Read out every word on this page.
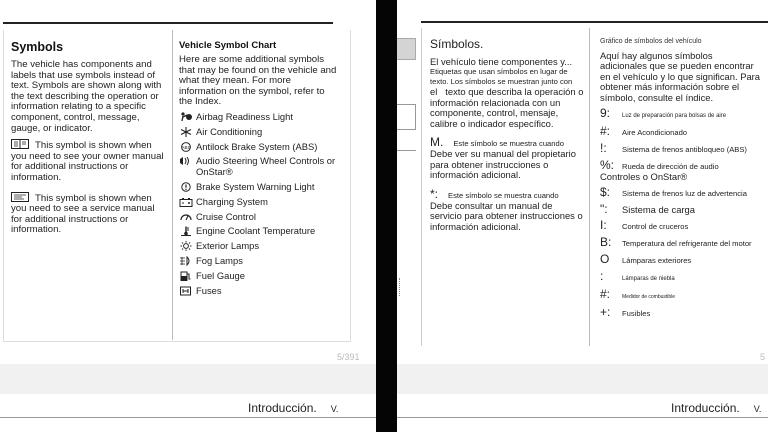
Symbols
The vehicle has components and labels that use symbols instead of text. Symbols are shown along with the text describing the operation or information relating to a specific component, control, message, gauge, or indicator.
This symbol is shown when you need to see your owner manual for additional instructions or information.
This symbol is shown when you need to see a service manual for additional instructions or information.
Vehicle Symbol Chart
Here are some additional symbols that may be found on the vehicle and what they mean. For more information on the symbol, refer to the Index.
Airbag Readiness Light
Air Conditioning
ABS Antilock Brake System (ABS)
Audio Steering Wheel Controls or OnStar®
Brake System Warning Light
Charging System
Cruise Control
Engine Coolant Temperature
Exterior Lamps
Fog Lamps
Fuel Gauge
Fuses
5/391
Introducción. V.
Símbolos.
El vehículo tiene componentes y...
Etiquetas que usan símbolos en lugar de texto. Los símbolos se muestran junto con
el texto que describa la operación o información relacionada con un componente, control, mensaje, calibre o indicador específico.
M. Este símbolo se muestra cuando
Debe ver su manual del propietario para obtener instrucciones o información adicional.
*: Este símbolo se muestra cuando
Debe consultar un manual de servicio para obtener instrucciones o información adicional.
Gráfico de símbolos del vehículo
Aquí hay algunos símbolos adicionales que se pueden encontrar en el vehículo y lo que significan. Para obtener más información sobre el símbolo, consulte el índice.
9:	Luz de preparación para bolsas de aire
#:	Aire Acondicionado
!:	Sistema de frenos antibloqueo (ABS)
%:	Rueda de dirección de audio
Controles o OnStar®
$:	Sistema de frenos luz de advertencia
":	Sistema de carga
I:	Control de cruceros
B:	Temperatura del refrigerante del motor
O	Lámparas exteriores
:	Lámparas de niebla
#:	Medidor de combustible
+:	Fusibles
5
Introducción. V.
